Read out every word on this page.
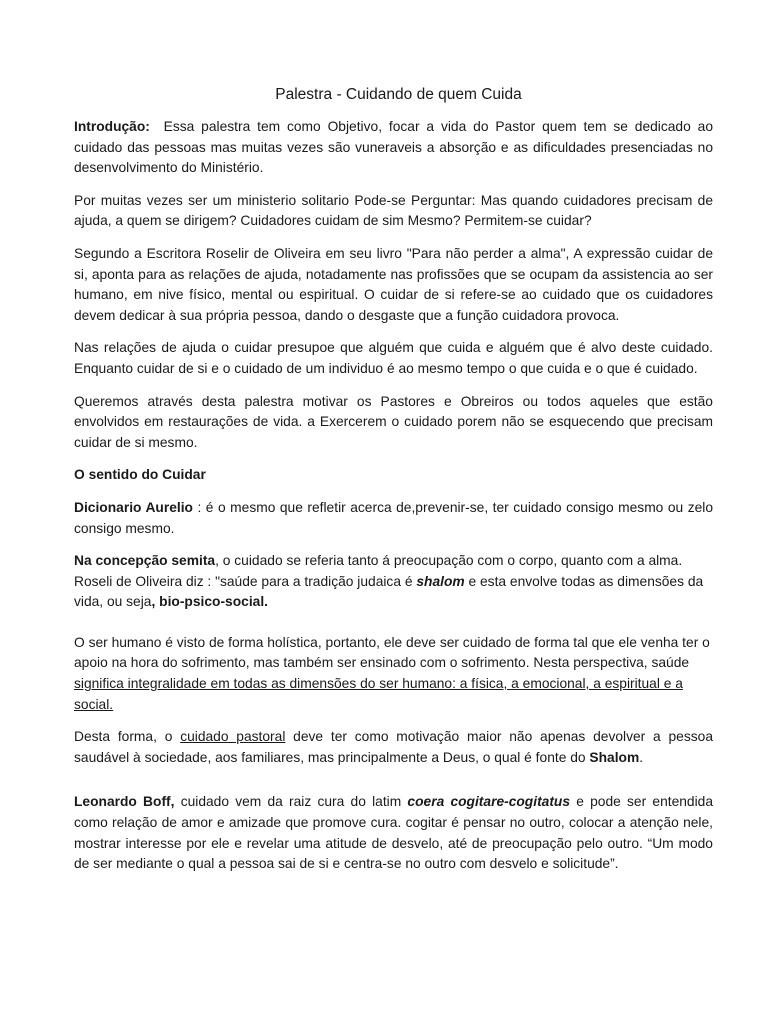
Palestra - Cuidando de quem Cuida

Introdução:  Essa palestra tem como Objetivo, focar a vida do Pastor quem tem se dedicado ao cuidado das pessoas mas muitas vezes são vuneraveis a absorção e as dificuldades presenciadas no desenvolvimento do Ministério.

Por muitas vezes ser um ministerio solitario Pode-se Perguntar: Mas quando cuidadores precisam de ajuda, a quem se dirigem? Cuidadores cuidam de sim Mesmo? Permitem-se cuidar?

Segundo a Escritora Roselir de Oliveira em seu livro "Para não perder a alma", A expressão cuidar de si, aponta para as relações de ajuda, notadamente nas profissões que se ocupam da assistencia ao ser humano, em nive físico, mental ou espiritual. O cuidar de si refere-se ao cuidado que os cuidadores devem dedicar à sua própria pessoa, dando o desgaste que a função cuidadora provoca.

Nas relações de ajuda o cuidar presupoe que alguém que cuida e alguém que é alvo deste cuidado. Enquanto cuidar de si e o cuidado de um individuo é ao mesmo tempo o que cuida e o que é cuidado.

Queremos através desta palestra motivar os Pastores e Obreiros ou todos aqueles que estão envolvidos em restaurações de vida. a Exercerem o cuidado porem não se esquecendo que precisam cuidar de si mesmo.

O sentido do Cuidar

Dicionario Aurelio : é o mesmo que refletir acerca de,prevenir-se, ter cuidado consigo mesmo ou zelo consigo mesmo.

Na concepção semita, o cuidado se referia tanto á preocupação com o corpo, quanto com a alma. Roseli de Oliveira diz : "saúde para a tradição judaica é shalom e esta envolve todas as dimensões da vida, ou seja, bio-psico-social.

O ser humano é visto de forma holística, portanto, ele deve ser cuidado de forma tal que ele venha ter o apoio na hora do sofrimento, mas também ser ensinado com o sofrimento. Nesta perspectiva, saúde significa integralidade em todas as dimensões do ser humano: a física, a emocional, a espiritual e a social.

Desta forma, o cuidado pastoral deve ter como motivação maior não apenas devolver a pessoa saudável à sociedade, aos familiares, mas principalmente a Deus, o qual é fonte do Shalom.

Leonardo Boff, cuidado vem da raiz cura do latim coera cogitare-cogitatus e pode ser entendida como relação de amor e amizade que promove cura. cogitar é pensar no outro, colocar a atenção nele, mostrar interesse por ele e revelar uma atitude de desvelo, até de preocupação pelo outro. “Um modo de ser mediante o qual a pessoa sai de si e centra-se no outro com desvelo e solicitude”.
